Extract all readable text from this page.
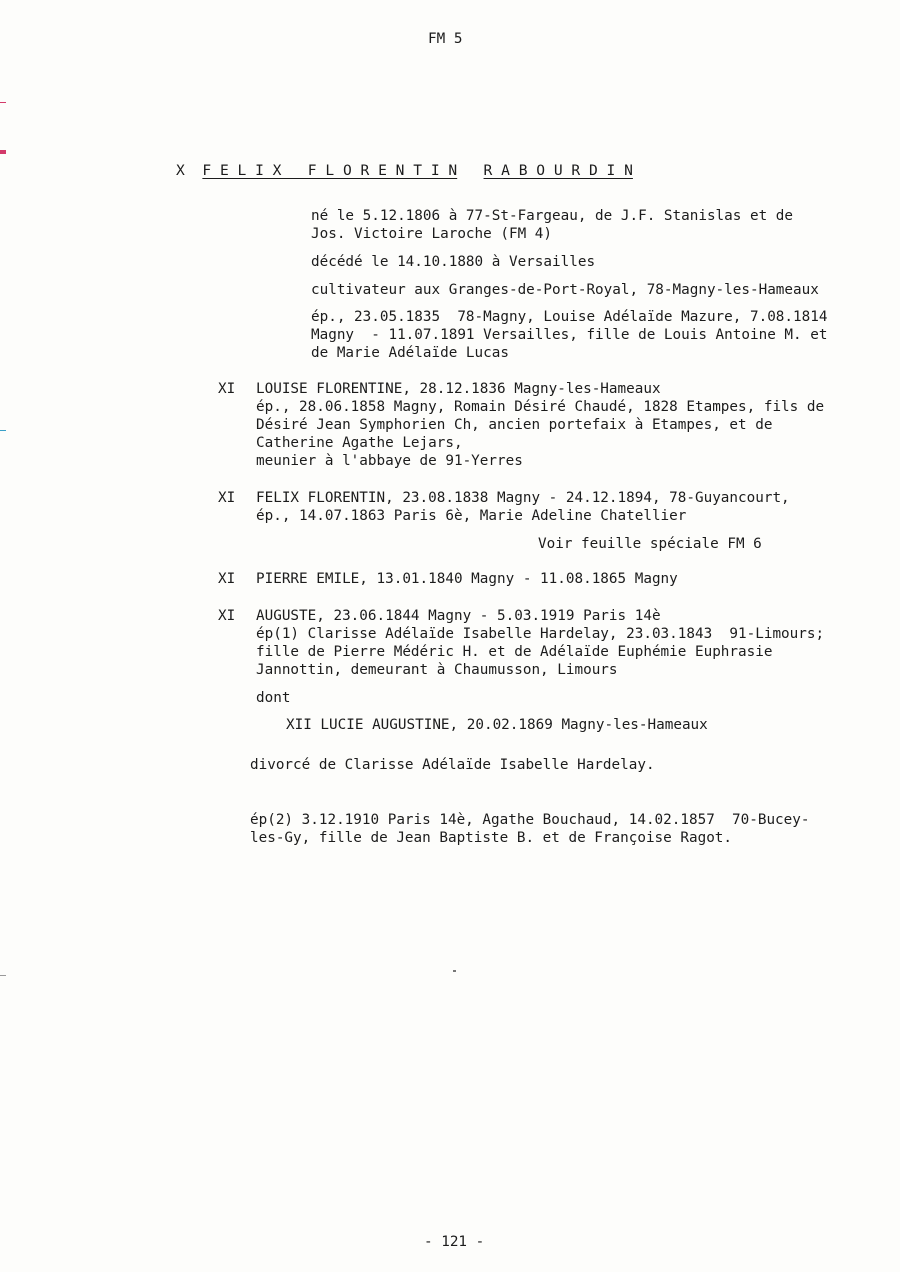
FM 5
X F E L I X   F L O R E N T I N R A B O U R D I N
né le 5.12.1806 à 77-St-Fargeau, de J.F. Stanislas et de
Jos. Victoire Laroche (FM 4)
décédé le 14.10.1880 à Versailles
cultivateur aux Granges-de-Port-Royal, 78-Magny-les-Hameaux
ép., 23.05.1835  78-Magny, Louise Adélaïde Mazure, 7.08.1814
Magny  - 11.07.1891 Versailles, fille de Louis Antoine M. et
de Marie Adélaïde Lucas
XI LOUISE FLORENTINE, 28.12.1836 Magny-les-Hameaux
ép., 28.06.1858 Magny, Romain Désiré Chaudé, 1828 Etampes, fils de
Désiré Jean Symphorien Ch, ancien portefaix à Etampes, et de
Catherine Agathe Lejars,
meunier à l'abbaye de 91-Yerres
XI FELIX FLORENTIN, 23.08.1838 Magny - 24.12.1894, 78-Guyancourt,
ép., 14.07.1863 Paris 6è, Marie Adeline Chatellier
Voir feuille spéciale FM 6
XI PIERRE EMILE, 13.01.1840 Magny - 11.08.1865 Magny
XI AUGUSTE, 23.06.1844 Magny - 5.03.1919 Paris 14è
ép(1) Clarisse Adélaïde Isabelle Hardelay, 23.03.1843  91-Limours;
fille de Pierre Médéric H. et de Adélaïde Euphémie Euphrasie
Jannottin, demeurant à Chaumusson, Limours
dont
XII LUCIE AUGUSTINE, 20.02.1869 Magny-les-Hameaux
divorcé de Clarisse Adélaïde Isabelle Hardelay.
ép(2) 3.12.1910 Paris 14è, Agathe Bouchaud, 14.02.1857  70-Bucey-
les-Gy, fille de Jean Baptiste B. et de Françoise Ragot.
- 121 -
